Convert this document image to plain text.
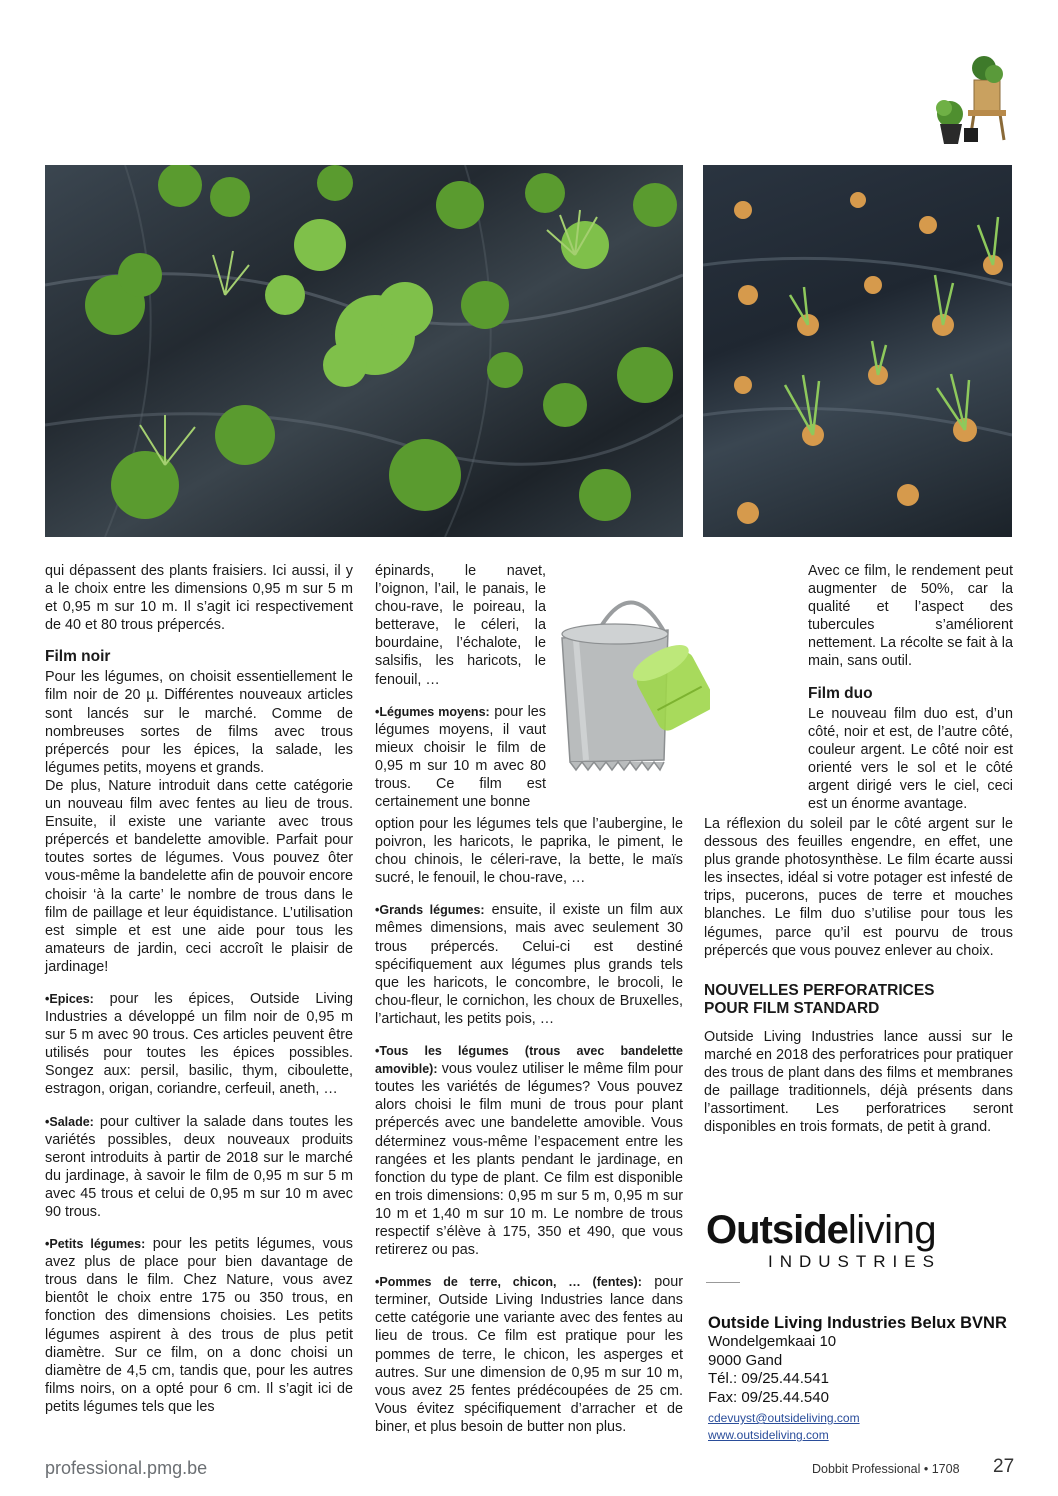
qui dépassent des plants fraisiers. Ici aussi, il y a le choix entre les dimensions 0,95 m sur 5 m et 0,95 m sur 10 m. Il s’agit ici respectivement de 40 et 80 trous prépercés.

Film noir

Pour les légumes, on choisit essentiellement le film noir de 20 µ. Différentes nouveaux articles sont lancés sur le marché. Comme de nombreuses sortes de films avec trous prépercés pour les épices, la salade, les légumes petits, moyens et grands.

De plus, Nature introduit dans cette catégorie un nouveau film avec fentes au lieu de trous. Ensuite, il existe une variante avec trous prépercés et bandelette amovible. Parfait pour toutes sortes de légumes. Vous pouvez ôter vous-même la bandelette afin de pouvoir encore choisir ‘à la carte’ le nombre de trous dans le film de paillage et leur équidistance. L’utilisation est simple et est une aide pour tous les amateurs de jardin, ceci accroît le plaisir de jardinage!

•Epices: pour les épices, Outside Living Industries a développé un film noir de 0,95 m sur 5 m avec 90 trous. Ces articles peuvent être utilisés pour toutes les épices possibles. Songez aux: persil, basilic, thym, ciboulette, estragon, origan, coriandre, cerfeuil, aneth, …

•Salade: pour cultiver la salade dans toutes les variétés possibles, deux nouveaux produits seront introduits à partir de 2018 sur le marché du jardinage, à savoir le film de 0,95 m sur 5 m avec 45 trous et celui de 0,95 m sur 10 m avec 90 trous.

•Petits légumes: pour les petits légumes, vous avez plus de place pour bien davantage de trous dans le film. Chez Nature, vous avez bientôt le choix entre 175 ou 350 trous, en fonction des dimensions choisies. Les petits légumes aspirent à des trous de plus petit diamètre. Sur ce film, on a donc choisi un diamètre de 4,5 cm, tandis que, pour les autres films noirs, on a opté pour 6 cm. Il s’agit ici de petits légumes tels que les

épinards, le navet, l’oignon, l’ail, le panais, le chou-rave, le poireau, la betterave, le céleri, la bourdaine, l’échalote, le salsifis, les haricots, le fenouil, …

•Légumes moyens: pour les légumes moyens, il vaut mieux choisir le film de 0,95 m sur 10 m avec 80 trous. Ce film est certainement une bonne

option pour les légumes tels que l’aubergine, le poivron, les haricots, le paprika, le piment, le chou chinois, le céleri-rave, la bette, le maïs sucré, le fenouil, le chou-rave, …

•Grands légumes: ensuite, il existe un film aux mêmes dimensions, mais avec seulement 30 trous prépercés. Celui-ci est destiné spécifiquement aux légumes plus grands tels que les haricots, le concombre, le brocoli, le chou-fleur, le cornichon, les choux de Bruxelles, l’artichaut, les petits pois, …

•Tous les légumes (trous avec bandelette amovible): vous voulez utiliser le même film pour toutes les variétés de légumes? Vous pouvez alors choisi le film muni de trous pour plant prépercés avec une bandelette amovible. Vous déterminez vous-même l’espacement entre les rangées et les plants pendant le jardinage, en fonction du type de plant. Ce film est disponible en trois dimensions: 0,95 m sur 5 m, 0,95 m sur 10 m et 1,40 m sur 10 m. Le nombre de trous respectif s’élève à 175, 350 et 490, que vous retirerez ou pas.

•Pommes de terre, chicon, … (fentes): pour terminer, Outside Living Industries lance dans cette catégorie une variante avec des fentes au lieu de trous. Ce film est pratique pour les pommes de terre, le chicon, les asperges et autres. Sur une dimension de 0,95 m sur 10 m, vous avez 25 fentes prédécoupées de 25 cm. Vous évitez spécifiquement d’arracher et de biner, et plus besoin de butter non plus.

Avec ce film, le rendement peut augmenter de 50%, car la qualité et l’aspect des tubercules s’améliorent nettement. La récolte se fait à la main, sans outil.

Film duo

Le nouveau film duo est, d’un côté, noir et est, de l’autre côté, couleur argent. Le côté noir est orienté vers le sol et le côté argent dirigé vers le ciel, ceci est un énorme avantage.

La réflexion du soleil par le côté argent sur le dessous des feuilles engendre, en effet, une plus grande photosynthèse. Le film écarte aussi les insectes, idéal si votre potager est infesté de trips, pucerons, puces de terre et mouches blanches. Le film duo s’utilise pour tous les légumes, parce qu’il est pourvu de trous prépercés que vous pouvez enlever au choix.

NOUVELLES PERFORATRICES
POUR FILM STANDARD

Outside Living Industries lance aussi sur le marché en 2018 des perforatrices pour pratiquer des trous de plant dans des films et membranes de paillage traditionnels, déjà présents dans l’assortiment. Les perforatrices seront disponibles en trois formats, de petit à grand.

Outsideliving
INDUSTRIES
Outside Living Industries Belux BVNR
Wondelgemkaai 10
9000 Gand
Tél.: 09/25.44.541
Fax: 09/25.44.540
cdevuyst@outsideliving.com
www.outsideliving.com
professional.pmg.be	Dobbit Professional • 1708 27
